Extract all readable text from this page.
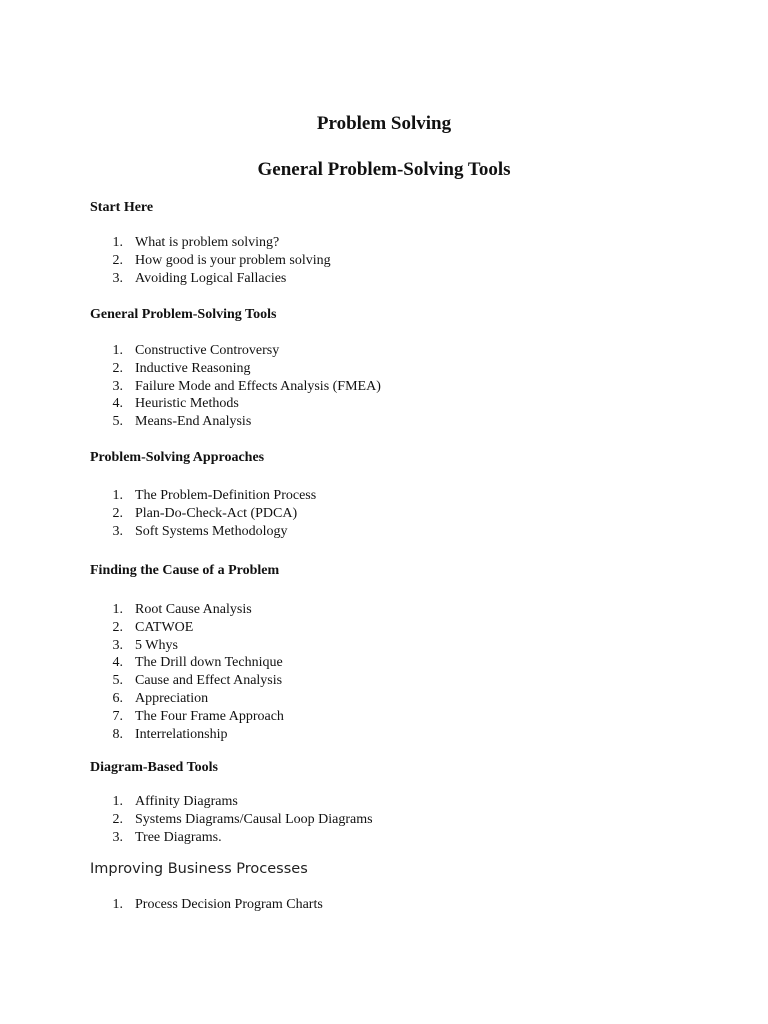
Problem Solving
General Problem-Solving Tools
Start Here
1. What is problem solving?
2. How good is your problem solving
3. Avoiding Logical Fallacies
General Problem-Solving Tools
1. Constructive Controversy
2. Inductive Reasoning
3. Failure Mode and Effects Analysis (FMEA)
4. Heuristic Methods
5. Means-End Analysis
Problem-Solving Approaches
1. The Problem-Definition Process
2. Plan-Do-Check-Act (PDCA)
3. Soft Systems Methodology
Finding the Cause of a Problem
1. Root Cause Analysis
2. CATWOE
3. 5 Whys
4. The Drill down Technique
5. Cause and Effect Analysis
6. Appreciation
7. The Four Frame Approach
8. Interrelationship
Diagram-Based Tools
1. Affinity Diagrams
2. Systems Diagrams/Causal Loop Diagrams
3. Tree Diagrams.
Improving Business Processes
1. Process Decision Program Charts
